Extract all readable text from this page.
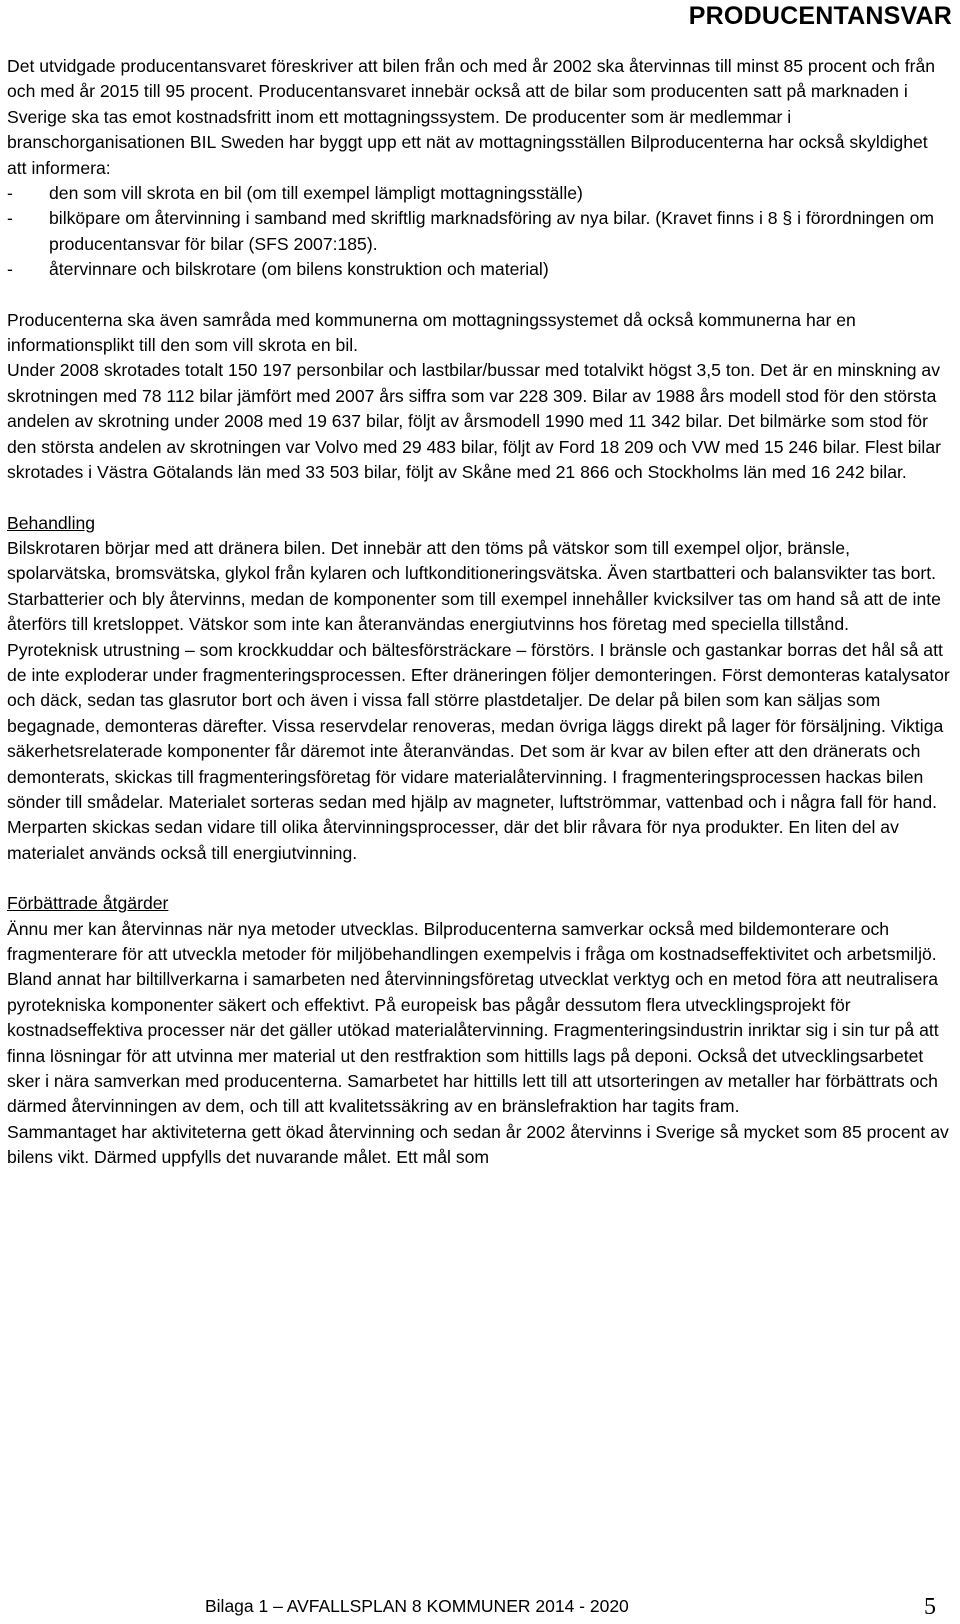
PRODUCENTANSVAR

Det utvidgade producentansvaret föreskriver att bilen från och med år 2002 ska återvinnas till minst 85 procent och från och med år 2015 till 95 procent. Producentansvaret innebär också att de bilar som producenten satt på marknaden i Sverige ska tas emot kostnadsfritt inom ett mottagningssystem. De producenter som är medlemmar i branschorganisationen BIL Sweden har byggt upp ett nät av mottagningsställen Bilproducenterna har också skyldighet att informera:

- den som vill skrota en bil (om till exempel lämpligt mottagningsställe)
- bilköpare om återvinning i samband med skriftlig marknadsföring av nya bilar. (Kravet finns i 8 § i förordningen om producentansvar för bilar (SFS 2007:185).
- återvinnare och bilskrotare (om bilens konstruktion och material)

Producenterna ska även samråda med kommunerna om mottagningssystemet då också kommunerna har en informationsplikt till den som vill skrota en bil.

Under 2008 skrotades totalt 150 197 personbilar och lastbilar/bussar med totalvikt högst 3,5 ton. Det är en minskning av skrotningen med 78 112 bilar jämfört med 2007 års siffra som var 228 309. Bilar av 1988 års modell stod för den största andelen av skrotning under 2008 med 19 637 bilar, följt av årsmodell 1990 med 11 342 bilar. Det bilmärke som stod för den största andelen av skrotningen var Volvo med 29 483 bilar, följt av Ford 18 209 och VW med 15 246 bilar. Flest bilar skrotades i Västra Götalands län med 33 503 bilar, följt av Skåne med 21 866 och Stockholms län med 16 242 bilar.

Behandling

Bilskrotaren börjar med att dränera bilen. Det innebär att den töms på vätskor som till exempel oljor, bränsle, spolarvätska, bromsvätska, glykol från kylaren och luftkonditioneringsvätska. Även startbatteri och balansvikter tas bort. Starbatterier och bly återvinns, medan de komponenter som till exempel innehåller kvicksilver tas om hand så att de inte återförs till kretsloppet. Vätskor som inte kan återanvändas energiutvinns hos företag med speciella tillstånd.

Pyroteknisk utrustning – som krockkuddar och bältesförsträckare – förstörs. I bränsle och gastankar borras det hål så att de inte exploderar under fragmenteringsprocessen. Efter dräneringen följer demonteringen. Först demonteras katalysator och däck, sedan tas glasrutor bort och även i vissa fall större plastdetaljer. De delar på bilen som kan säljas som begagnade, demonteras därefter. Vissa reservdelar renoveras, medan övriga läggs direkt på lager för försäljning. Viktiga säkerhetsrelaterade komponenter får däremot inte återanvändas. Det som är kvar av bilen efter att den dränerats och demonterats, skickas till fragmenteringsföretag för vidare materialåtervinning. I fragmenteringsprocessen hackas bilen sönder till smådelar. Materialet sorteras sedan med hjälp av magneter, luftströmmar, vattenbad och i några fall för hand. Merparten skickas sedan vidare till olika återvinningsprocesser, där det blir råvara för nya produkter. En liten del av materialet används också till energiutvinning.

Förbättrade åtgärder

Ännu mer kan återvinnas när nya metoder utvecklas. Bilproducenterna samverkar också med bildemonterare och fragmenterare för att utveckla metoder för miljöbehandlingen exempelvis i fråga om kostnadseffektivitet och arbetsmiljö. Bland annat har biltillverkarna i samarbeten ned återvinningsföretag utvecklat verktyg och en metod föra att neutralisera pyrotekniska komponenter säkert och effektivt. På europeisk bas pågår dessutom flera utvecklingsprojekt för kostnadseffektiva processer när det gäller utökad materialåtervinning. Fragmenteringsindustrin inriktar sig i sin tur på att finna lösningar för att utvinna mer material ut den restfraktion som hittills lags på deponi. Också det utvecklingsarbetet sker i nära samverkan med producenterna. Samarbetet har hittills lett till att utsorteringen av metaller har förbättrats och därmed återvinningen av dem, och till att kvalitetssäkring av en bränslefraktion har tagits fram.

Sammantaget har aktiviteterna gett ökad återvinning och sedan år 2002 återvinns i Sverige så mycket som 85 procent av bilens vikt. Därmed uppfylls det nuvarande målet. Ett mål som

Bilaga 1 – AVFALLSPLAN 8 KOMMUNER 2014 - 2020	5
